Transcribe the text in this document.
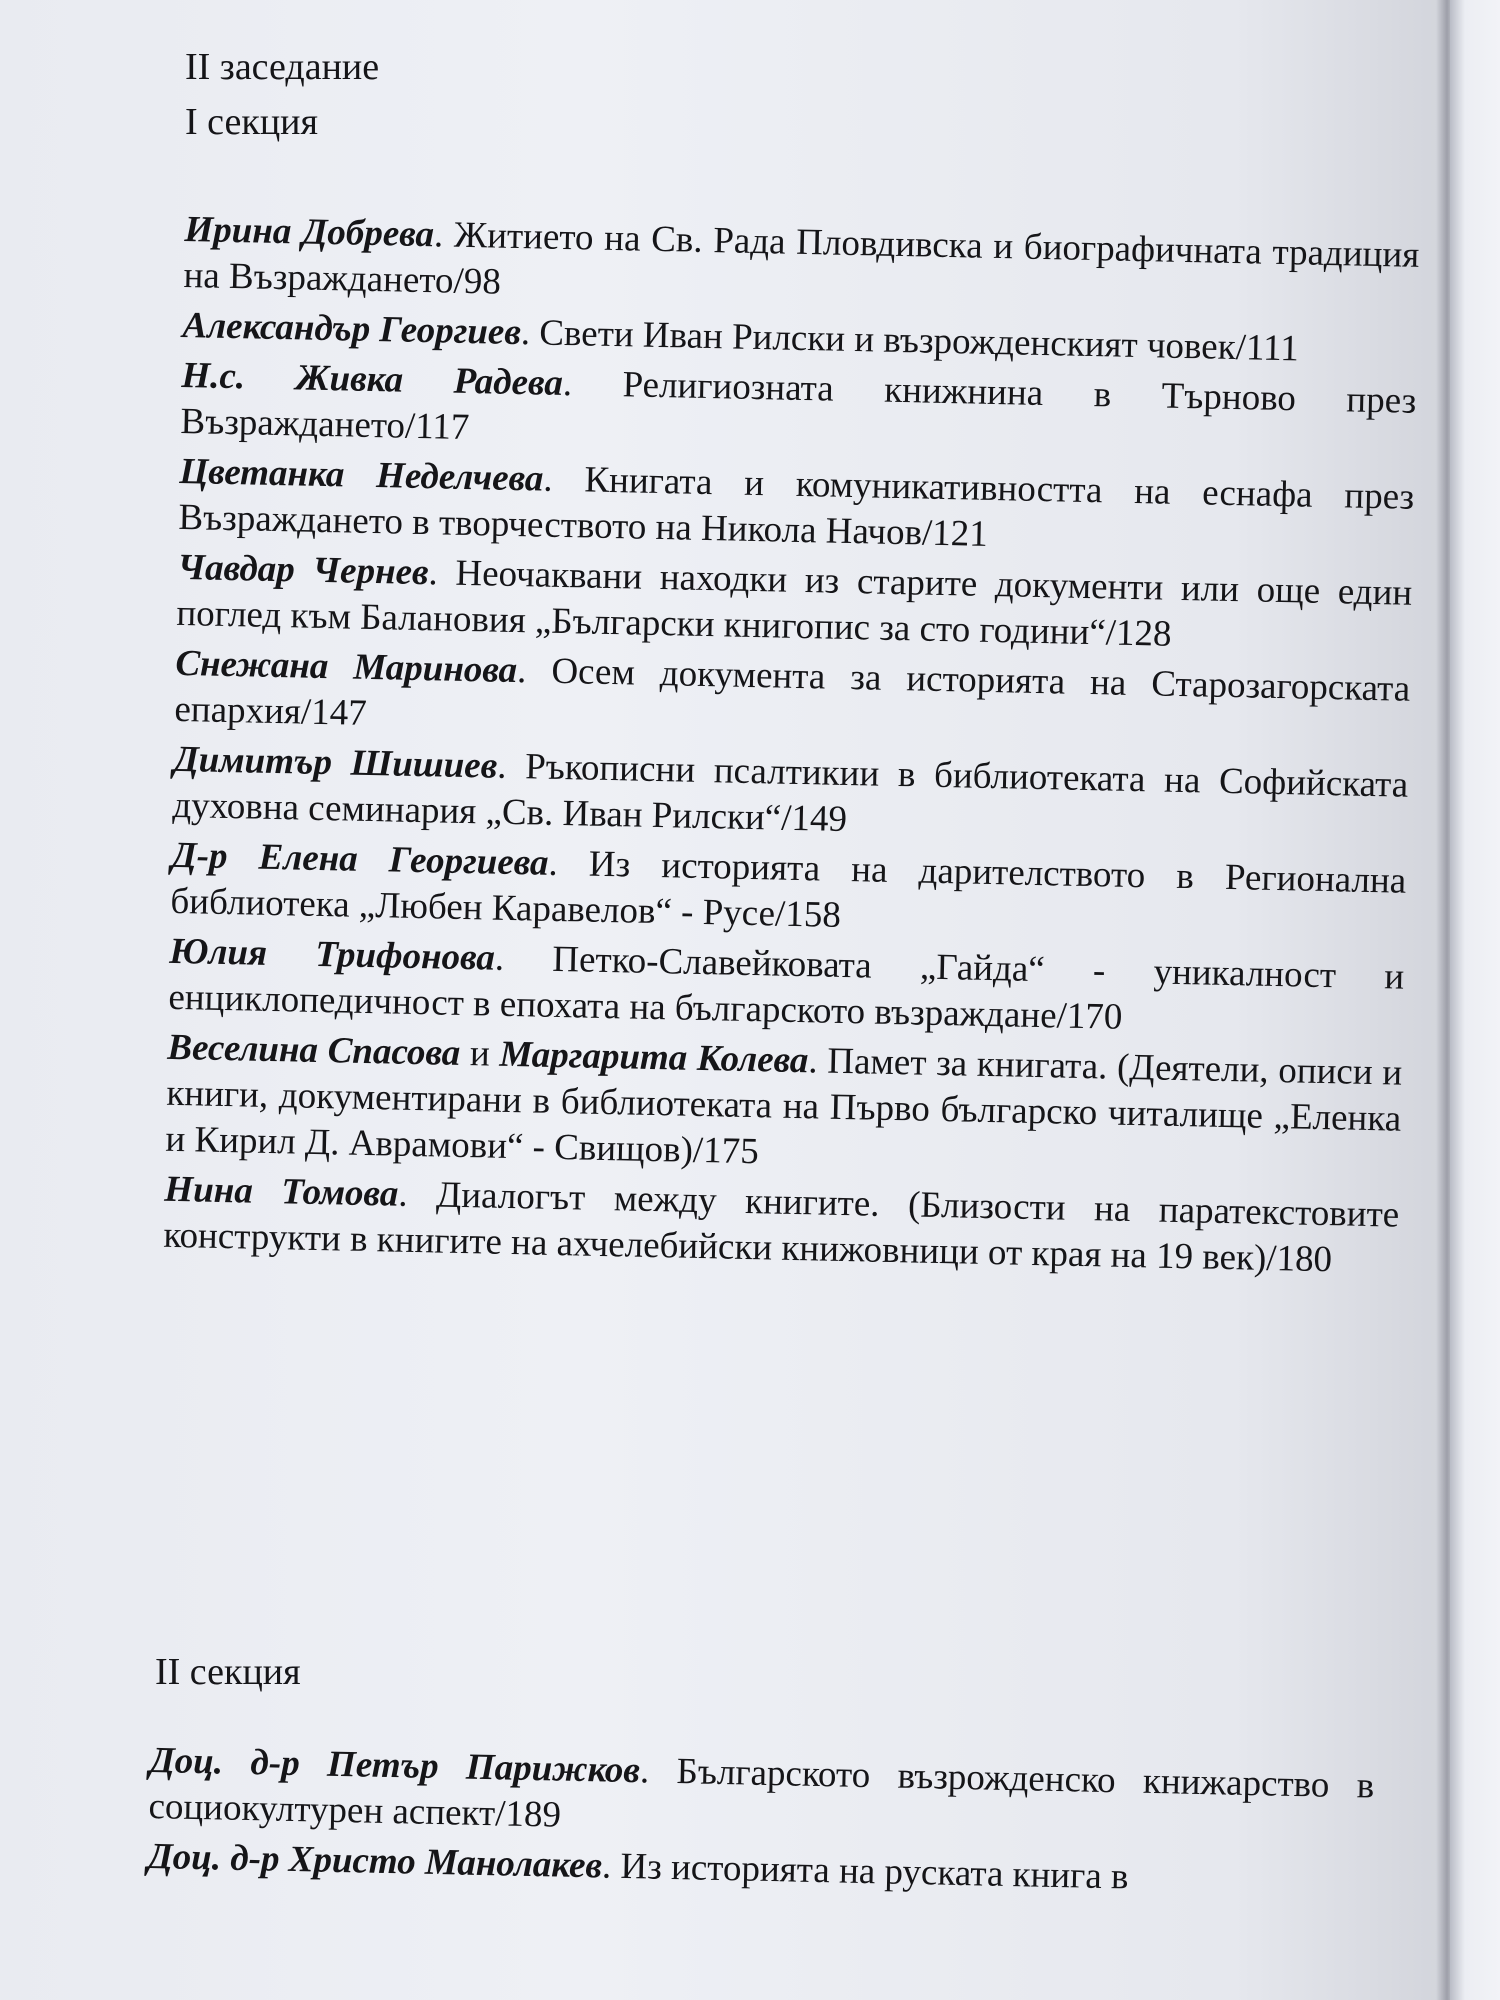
II заседание
I секция

Ирина Добрева. Житието на Св. Рада Пловдивска и биографичната традиция на Възраждането/98

Александър Георгиев. Свети Иван Рилски и възрожденският човек/111

Н.с. Живка Радева. Религиозната книжнина в Търново през Възраждането/117

Цветанка Неделчева. Книгата и комуникативността на еснафа през Възраждането в творчеството на Никола Начов/121

Чавдар Чернев. Неочаквани находки из старите документи или още един поглед към Балановия „Български книгопис за сто години“/128

Снежана Маринова. Осем документа за историята на Старозагорската епархия/147

Димитър Шишиев. Ръкописни псалтикии в библиотеката на Софийската духовна семинария „Св. Иван Рилски“/149

Д-р Елена Георгиева. Из историята на дарителството в Регионална библиотека „Любен Каравелов“ - Русе/158

Юлия Трифонова. Петко-Славейковата „Гайда“ - уникалност и енциклопедичност в епохата на българското възраждане/170

Веселина Спасова и Маргарита Колева. Памет за книгата. (Деятели, описи и книги, документирани в библиотеката на Първо българско читалище „Еленка и Кирил Д. Аврамови“ - Свищов)/175

Нина Томова. Диалогът между книгите. (Близости на паратекстовите конструкти в книгите на ахчелебийски книжовници от края на 19 век)/180

II секция

Доц. д-р Петър Парижков. Българското възрожденско книжарство в социокултурен аспект/189

Доц. д-р Христо Манолакев. Из историята на руската книга в
